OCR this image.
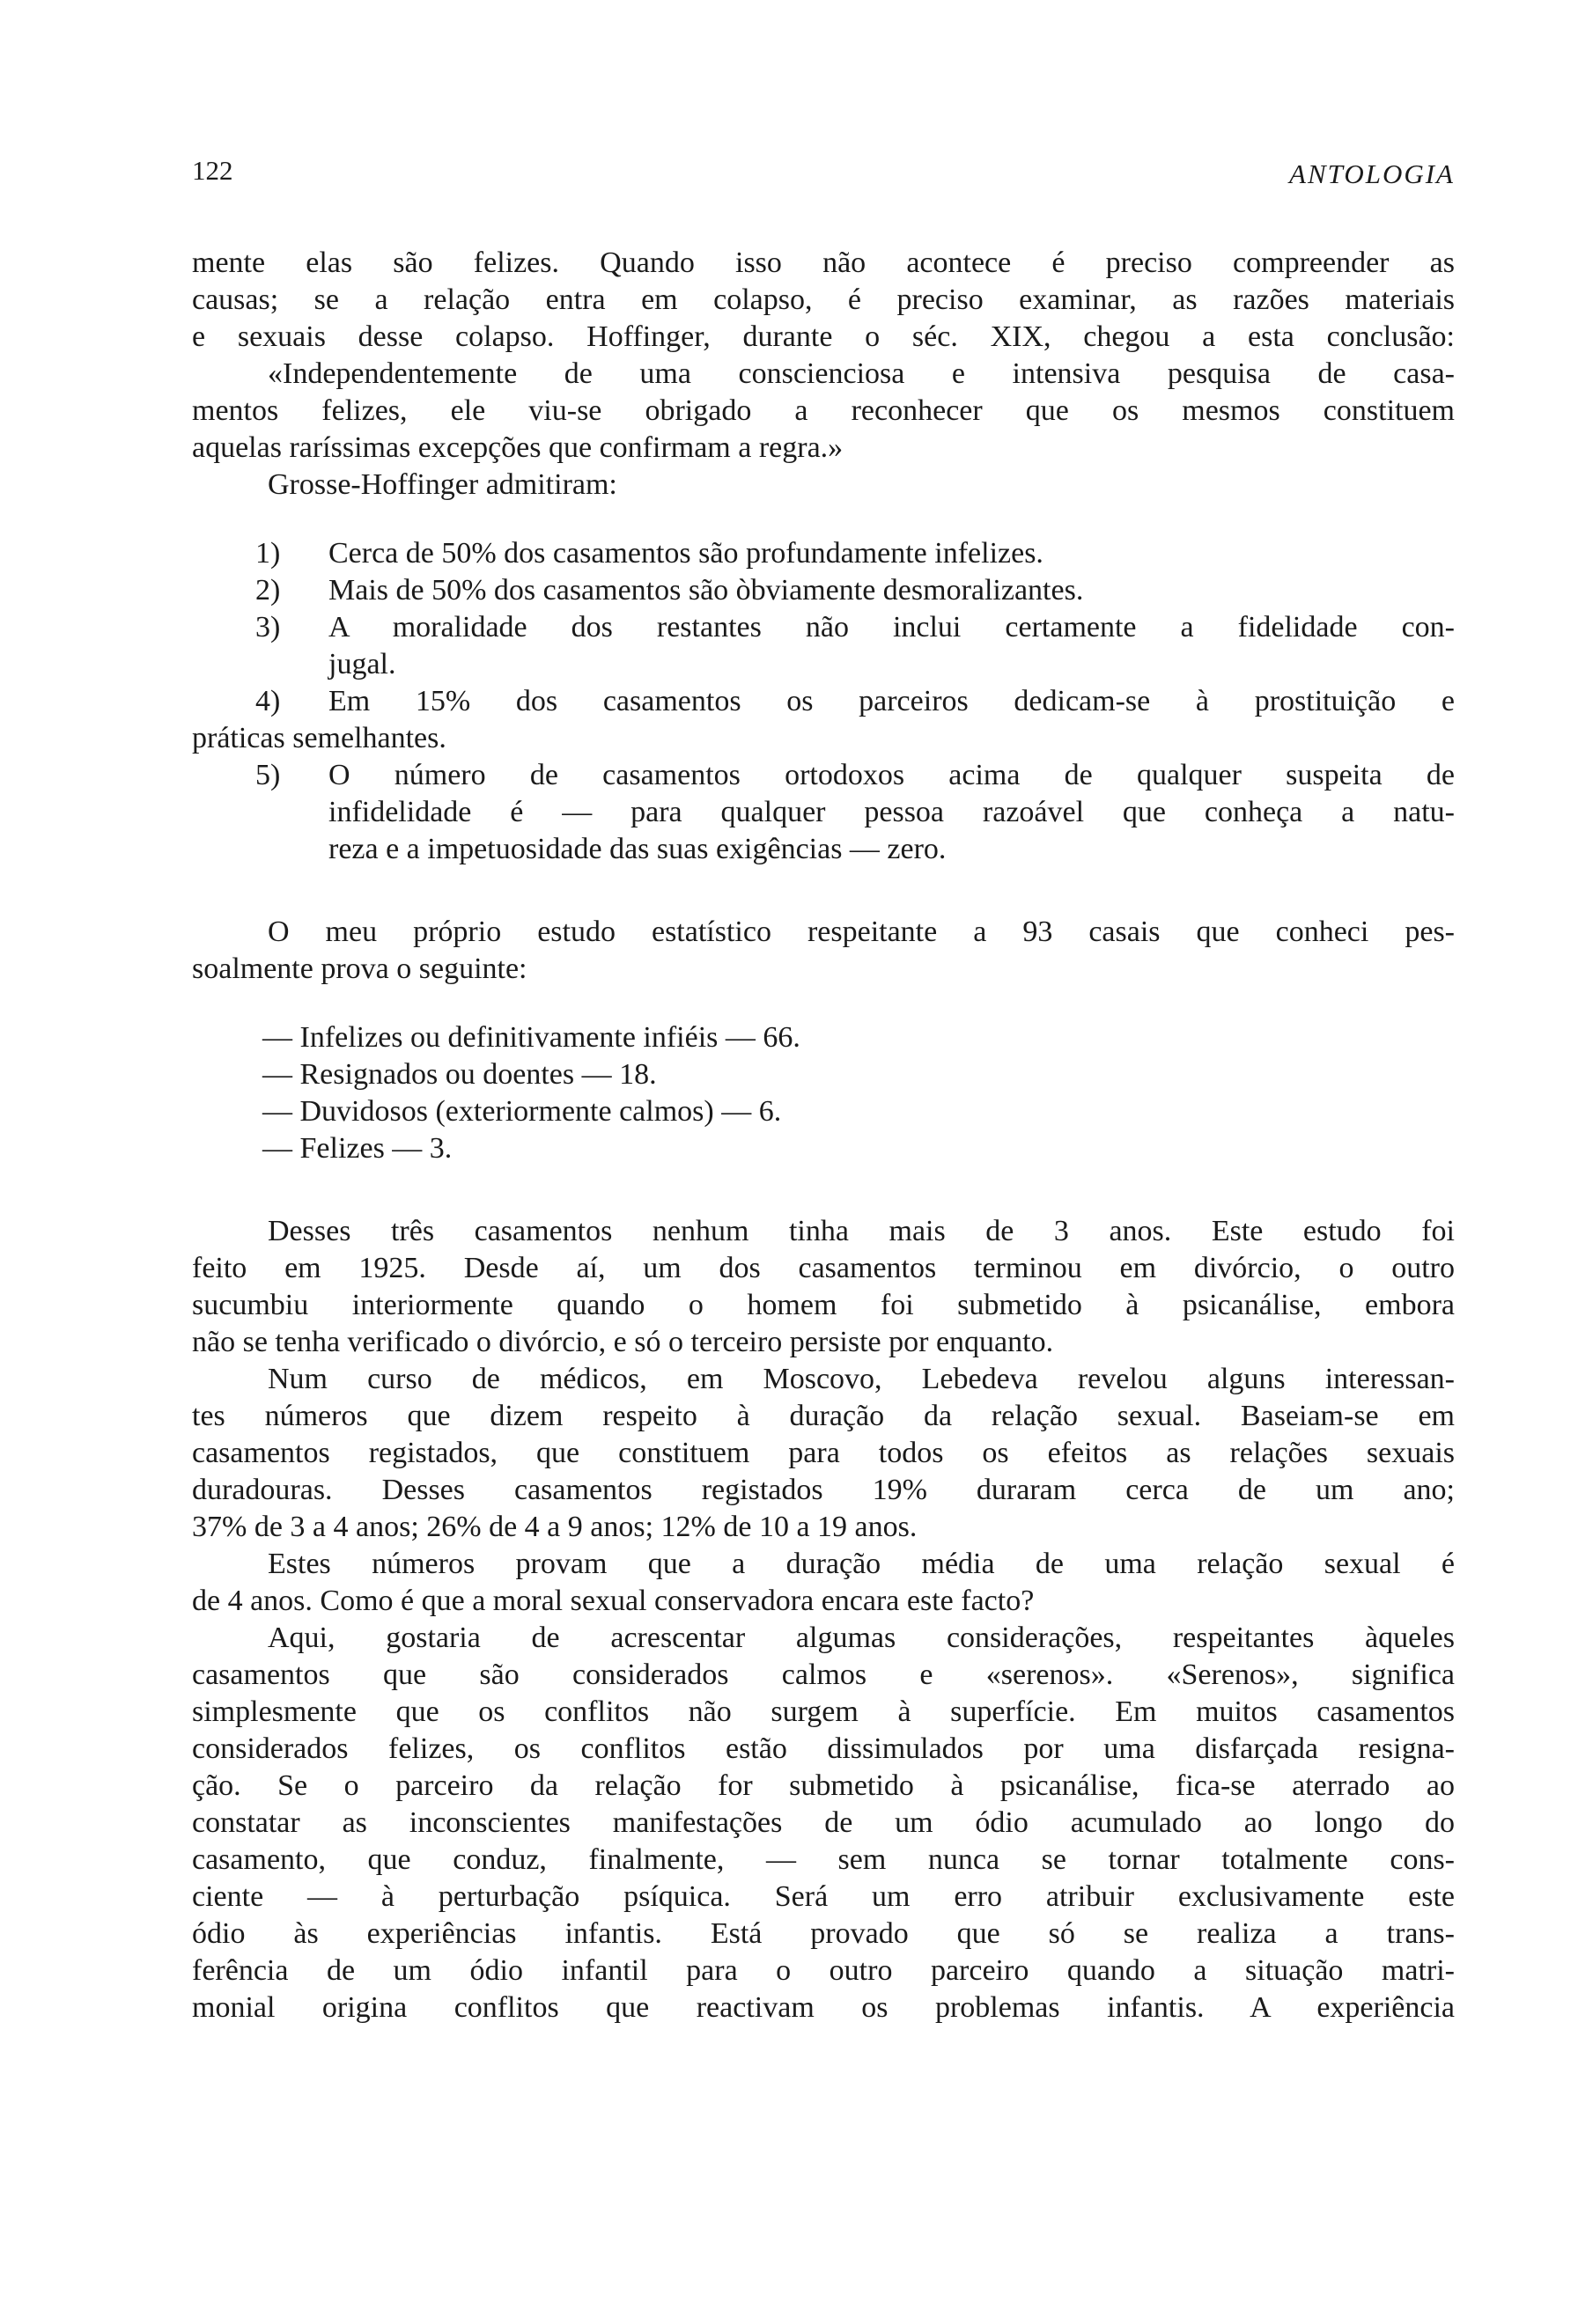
122	ANTOLOGIA

mente elas são felizes. Quando isso não acontece é preciso compreender as
causas; se a relação entra em colapso, é preciso examinar, as razões materiais
e sexuais desse colapso. Hoffinger, durante o séc. XIX, chegou a esta conclusão:
«Independentemente de uma conscienciosa e intensiva pesquisa de casa-
mentos felizes, ele viu-se obrigado a reconhecer que os mesmos constituem
aquelas raríssimas excepções que confirmam a regra.»
Grosse-Hoffinger admitiram:

1) Cerca de 50% dos casamentos são profundamente infelizes.
2) Mais de 50% dos casamentos são òbviamente desmoralizantes.
3) A moralidade dos restantes não inclui certamente a fidelidade con-
jugal.
4) Em 15% dos casamentos os parceiros dedicam-se à prostituição e
práticas semelhantes.
5) O número de casamentos ortodoxos acima de qualquer suspeita de
infidelidade é — para qualquer pessoa razoável que conheça a natu-
reza e a impetuosidade das suas exigências — zero.

O meu próprio estudo estatístico respeitante a 93 casais que conheci pes-
soalmente prova o seguinte:

— Infelizes ou definitivamente infiéis — 66.
— Resignados ou doentes — 18.
— Duvidosos (exteriormente calmos) — 6.
— Felizes — 3.

Desses três casamentos nenhum tinha mais de 3 anos. Este estudo foi
feito em 1925. Desde aí, um dos casamentos terminou em divórcio, o outro
sucumbiu interiormente quando o homem foi submetido à psicanálise, embora
não se tenha verificado o divórcio, e só o terceiro persiste por enquanto.

Num curso de médicos, em Moscovo, Lebedeva revelou alguns interessan-
tes números que dizem respeito à duração da relação sexual. Baseiam-se em
casamentos registados, que constituem para todos os efeitos as relações sexuais
duradouras. Desses casamentos registados 19% duraram cerca de um ano;
37% de 3 a 4 anos; 26% de 4 a 9 anos; 12% de 10 a 19 anos.

Estes números provam que a duração média de uma relação sexual é
de 4 anos. Como é que a moral sexual conservadora encara este facto?

Aqui, gostaria de acrescentar algumas considerações, respeitantes àqueles
casamentos que são considerados calmos e «serenos». «Serenos», significa
simplesmente que os conflitos não surgem à superfície. Em muitos casamentos
considerados felizes, os conflitos estão dissimulados por uma disfarçada resigna-
ção. Se o parceiro da relação for submetido à psicanálise, fica-se aterrado ao
constatar as inconscientes manifestações de um ódio acumulado ao longo do
casamento, que conduz, finalmente, — sem nunca se tornar totalmente cons-
ciente — à perturbação psíquica. Será um erro atribuir exclusivamente este
ódio às experiências infantis. Está provado que só se realiza a trans-
ferência de um ódio infantil para o outro parceiro quando a situação matri-
monial origina conflitos que reactivam os problemas infantis. A experiência
